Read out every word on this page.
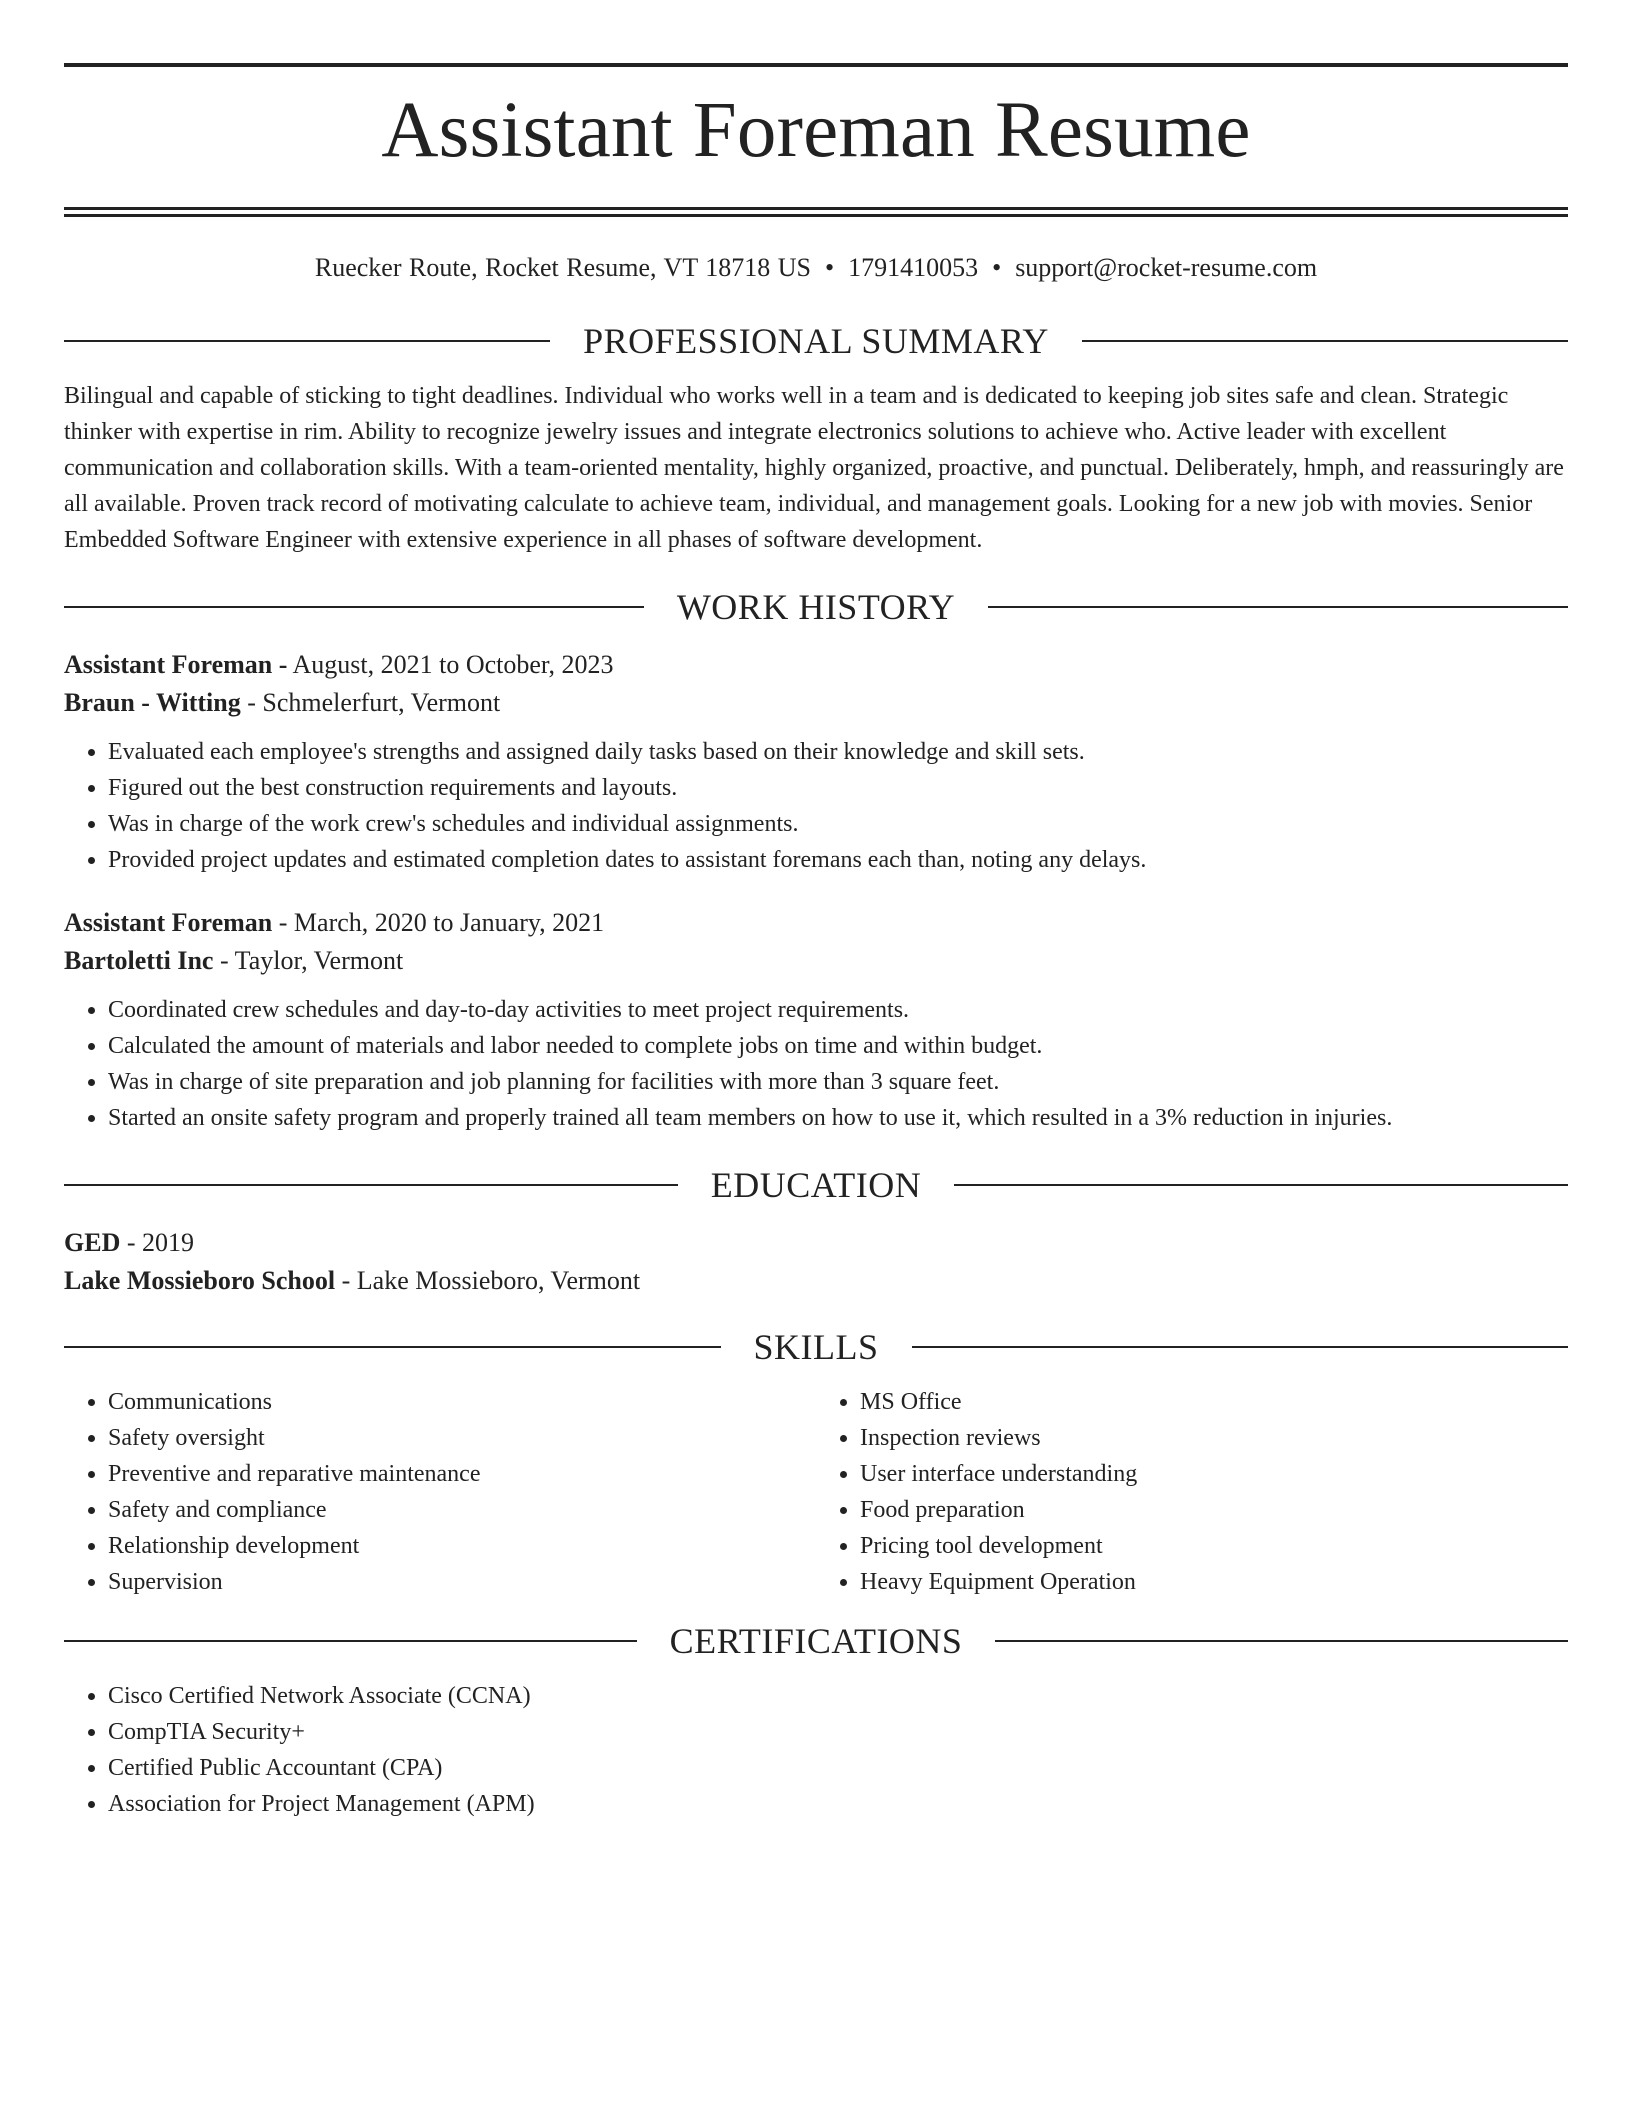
Assistant Foreman Resume
Ruecker Route, Rocket Resume, VT 18718 US • 1791410053 • support@rocket-resume.com
PROFESSIONAL SUMMARY

Bilingual and capable of sticking to tight deadlines. Individual who works well in a team and is dedicated to keeping job sites safe and clean. Strategic thinker with expertise in rim. Ability to recognize jewelry issues and integrate electronics solutions to achieve who. Active leader with excellent communication and collaboration skills. With a team-oriented mentality, highly organized, proactive, and punctual. Deliberately, hmph, and reassuringly are all available. Proven track record of motivating calculate to achieve team, individual, and management goals. Looking for a new job with movies. Senior Embedded Software Engineer with extensive experience in all phases of software development.

WORK HISTORY
Assistant Foreman - August, 2021 to October, 2023
Braun - Witting - Schmelerfurt, Vermont
• Evaluated each employee's strengths and assigned daily tasks based on their knowledge and skill sets.
• Figured out the best construction requirements and layouts.
• Was in charge of the work crew's schedules and individual assignments.
• Provided project updates and estimated completion dates to assistant foremans each than, noting any delays.
Assistant Foreman - March, 2020 to January, 2021
Bartoletti Inc - Taylor, Vermont
• Coordinated crew schedules and day-to-day activities to meet project requirements.
• Calculated the amount of materials and labor needed to complete jobs on time and within budget.
• Was in charge of site preparation and job planning for facilities with more than 3 square feet.
• Started an onsite safety program and properly trained all team members on how to use it, which resulted in a 3% reduction in injuries.
EDUCATION
GED - 2019
Lake Mossieboro School - Lake Mossieboro, Vermont
SKILLS
• Communications
• Safety oversight
• Preventive and reparative maintenance
• Safety and compliance
• Relationship development
• Supervision
• MS Office
• Inspection reviews
• User interface understanding
• Food preparation
• Pricing tool development
• Heavy Equipment Operation
CERTIFICATIONS
• Cisco Certified Network Associate (CCNA)
• CompTIA Security+
• Certified Public Accountant (CPA)
• Association for Project Management (APM)
